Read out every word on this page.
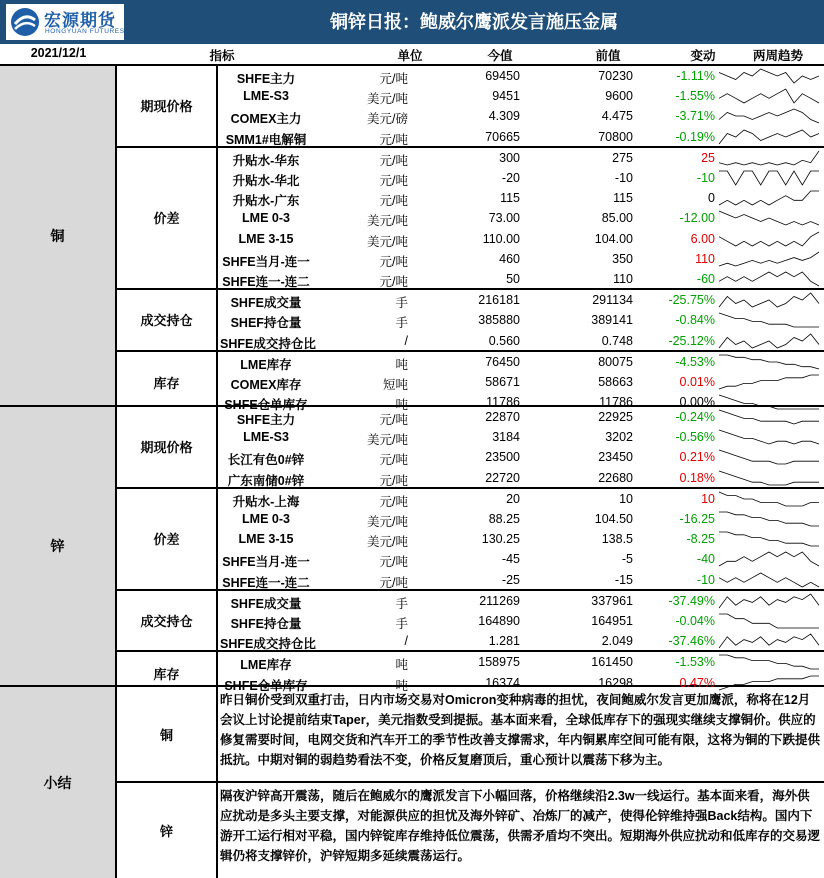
宏源期货
HONGYUAN FUTURES	铜锌日报：鲍威尔鹰派发言施压金属
2021/12/1	指标	单位	今值	前值	变动	两周趋势
铜
期现价格
SHFE主力	元/吨	69450	70230	-1.11%
LME-S3	美元/吨	9451	9600	-1.55%
COMEX主力	美元/磅	4.309	4.475	-3.71%
SMM1#电解铜	元/吨	70665	70800	-0.19%
价差
升贴水-华东	元/吨	300	275	25
升贴水-华北	元/吨	-20	-10	-10
升贴水-广东	元/吨	115	115	0
LME 0-3	美元/吨	73.00	85.00	-12.00
LME 3-15	美元/吨	110.00	104.00	6.00
SHFE当月-连一	元/吨	460	350	110
SHFE连一-连二	元/吨	50	110	-60
成交持仓
SHFE成交量	手	216181	291134	-25.75%
SHEF持仓量	手	385880	389141	-0.84%
SHFE成交持仓比	/	0.560	0.748	-25.12%
库存
LME库存	吨	76450	80075	-4.53%
COMEX库存	短吨	58671	58663	0.01%
SHFE仓单库存	吨	11786	11786	0.00%
锌
期现价格
SHFE主力	元/吨	22870	22925	-0.24%
LME-S3	美元/吨	3184	3202	-0.56%
长江有色0#锌	元/吨	23500	23450	0.21%
广东南储0#锌	元/吨	22720	22680	0.18%
价差
升贴水-上海	元/吨	20	10	10
LME 0-3	美元/吨	88.25	104.50	-16.25
LME 3-15	美元/吨	130.25	138.5	-8.25
SHFE当月-连一	元/吨	-45	-5	-40
SHFE连一-连二	元/吨	-25	-15	-10
成交持仓
SHFE成交量	手	211269	337961	-37.49%
SHFE持仓量	手	164890	164951	-0.04%
SHFE成交持仓比	/	1.281	2.049	-37.46%
库存
LME库存	吨	158975	161450	-1.53%
SHFE仓单库存	吨	16374	16298	0.47%
小结
铜
昨日铜价受到双重打击，日内市场交易对Omicron变种病毒的担忧，夜间鲍威尔发言更加鹰派，称将在12月会议上讨论提前结束Taper，美元指数受到提振。基本面来看，全球低库存下的强现实继续支撑铜价。供应的修复需要时间，电网交货和汽车开工的季节性改善支撑需求，年内铜累库空间可能有限，这将为铜的下跌提供抵抗。中期对铜的弱趋势看法不变，价格反复磨顶后，重心预计以震荡下移为主。
锌
隔夜沪锌高开震荡，随后在鲍威尔的鹰派发言下小幅回落，价格继续沿2.3w一线运行。基本面来看，海外供应扰动是多头主要支撑，对能源供应的担忧及海外锌矿、冶炼厂的减产，使得伦锌维持强Back结构。国内下游开工运行相对平稳，国内锌锭库存维持低位震荡，供需矛盾均不突出。短期海外供应扰动和低库存的交易逻辑仍将支撑锌价，沪锌短期多延续震荡运行。
